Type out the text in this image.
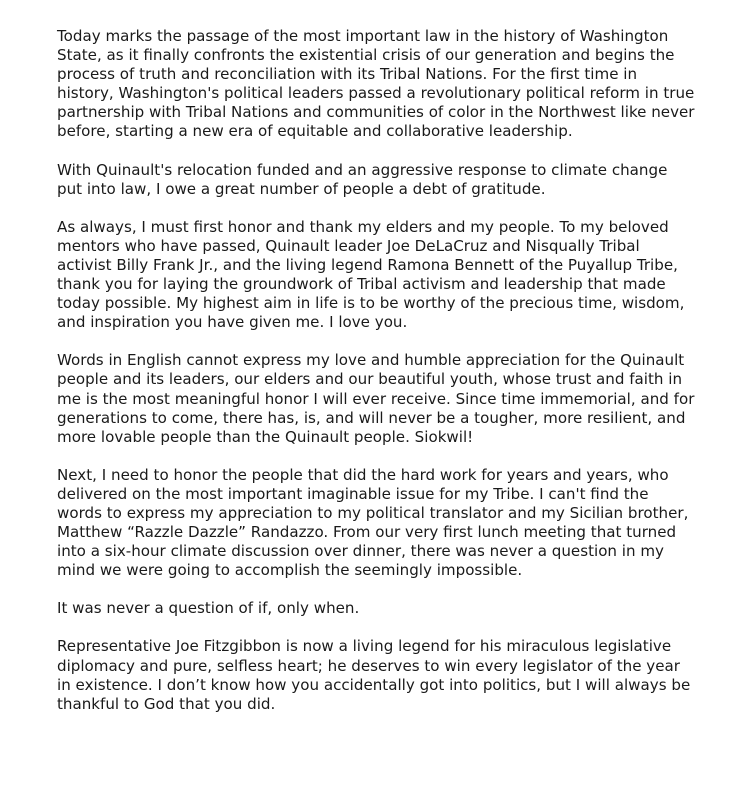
Today marks the passage of the most important law in the history of Washington State, as it finally confronts the existential crisis of our generation and begins the process of truth and reconciliation with its Tribal Nations. For the first time in history, Washington's political leaders passed a revolutionary political reform in true partnership with Tribal Nations and communities of color in the Northwest like never before, starting a new era of equitable and collaborative leadership.

With Quinault's relocation funded and an aggressive response to climate change put into law, I owe a great number of people a debt of gratitude.

As always, I must first honor and thank my elders and my people. To my beloved mentors who have passed, Quinault leader Joe DeLaCruz and Nisqually Tribal activist Billy Frank Jr., and the living legend Ramona Bennett of the Puyallup Tribe, thank you for laying the groundwork of Tribal activism and leadership that made today possible. My highest aim in life is to be worthy of the precious time, wisdom, and inspiration you have given me. I love you.

Words in English cannot express my love and humble appreciation for the Quinault people and its leaders, our elders and our beautiful youth, whose trust and faith in me is the most meaningful honor I will ever receive. Since time immemorial, and for generations to come, there has, is, and will never be a tougher, more resilient, and more lovable people than the Quinault people. Siokwil!

Next, I need to honor the people that did the hard work for years and years, who delivered on the most important imaginable issue for my Tribe. I can't find the words to express my appreciation to my political translator and my Sicilian brother, Matthew “Razzle Dazzle” Randazzo. From our very first lunch meeting that turned into a six-hour climate discussion over dinner, there was never a question in my mind we were going to accomplish the seemingly impossible.

It was never a question of if, only when.

Representative Joe Fitzgibbon is now a living legend for his miraculous legislative diplomacy and pure, selfless heart; he deserves to win every legislator of the year in existence. I don’t know how you accidentally got into politics, but I will always be thankful to God that you did.
